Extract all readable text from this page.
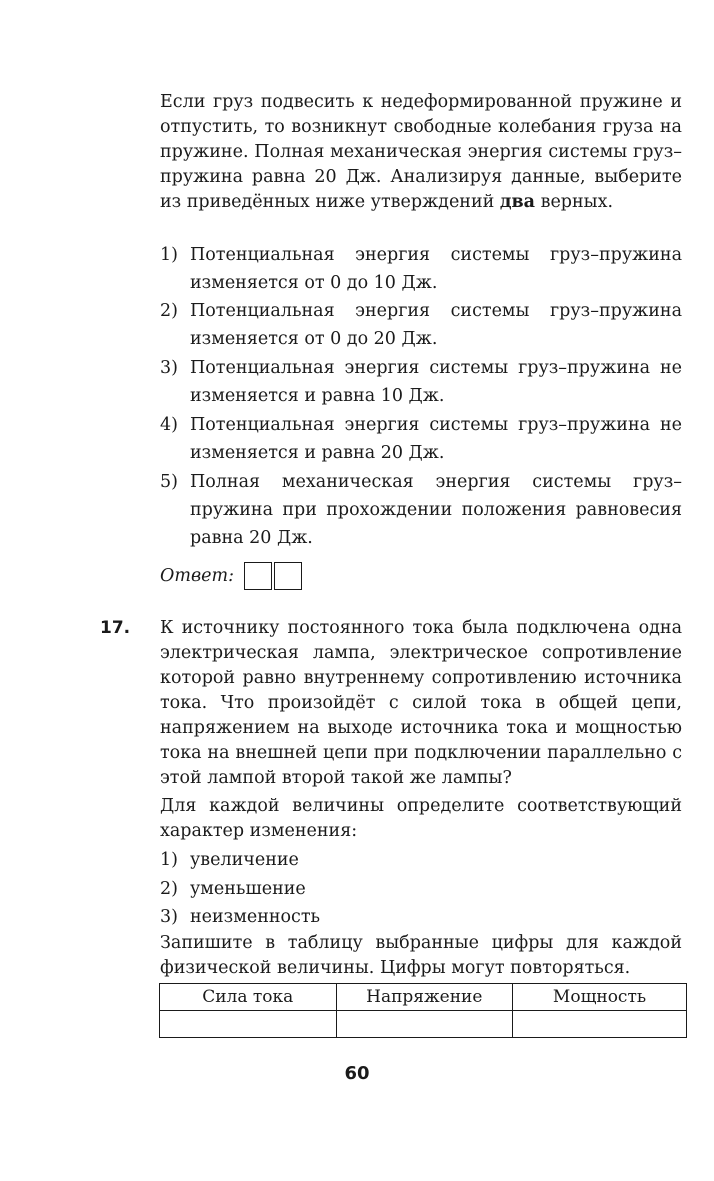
Если груз подвесить к недеформированной пружине и отпустить, то возникнут свободные колебания груза на пружине. Полная механическая энергия системы груз–пружина равна 20 Дж. Анализируя данные, выберите из приведённых ниже утверждений два верных.

1) Потенциальная энергия системы груз–пружина изменяется от 0 до 10 Дж.
2) Потенциальная энергия системы груз–пружина изменяется от 0 до 20 Дж.
3) Потенциальная энергия системы груз–пружина не изменяется и равна 10 Дж.
4) Потенциальная энергия системы груз–пружина не изменяется и равна 20 Дж.
5) Полная механическая энергия системы груз–пружина при прохождении положения равновесия равна 20 Дж.
Ответ:
17. К источнику постоянного тока была подключена одна электрическая лампа, электрическое сопротивление которой равно внутреннему сопротивлению источника тока. Что произойдёт с силой тока в общей цепи, напряжением на выходе источника тока и мощностью тока на внешней цепи при подключении параллельно с этой лампой второй такой же лампы?

Для каждой величины определите соответствующий характер изменения:

1) увеличение
2) уменьшение
3) неизменность

Запишите в таблицу выбранные цифры для каждой физической величины. Цифры могут повторяться.

Сила тока	Напряжение	Мощность

60
